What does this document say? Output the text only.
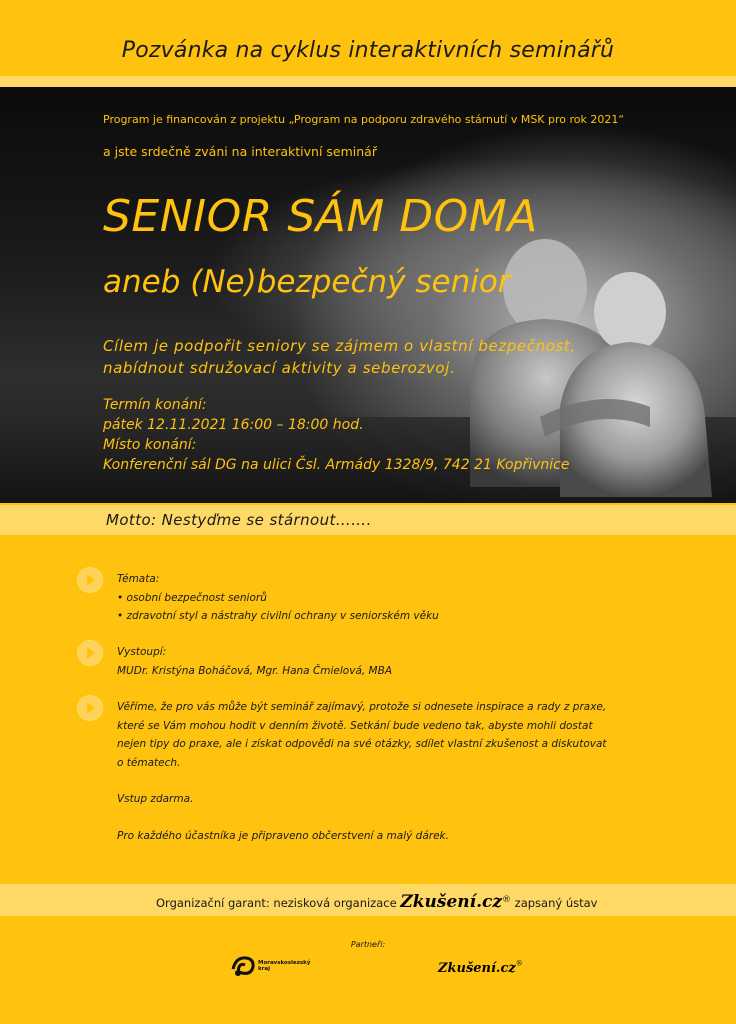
Pozvánka na cyklus interaktivních seminářů
Program je financován z projektu „Program na podporu zdravého stárnutí v MSK pro rok 2021“
a jste srdečně zváni na interaktivní seminář
SENIOR SÁM DOMA
aneb (Ne)bezpečný senior
Cílem je podpořit seniory se zájmem o vlastní bezpečnost,
nabídnout sdružovací aktivity a seberozvoj.
Termín konání:
pátek 12.11.2021 16:00 – 18:00 hod.
Místo konání:
Konferenční sál DG na ulici Čsl. Armády 1328/9, 742 21 Kopřivnice
Motto: Nestyďme se stárnout…….
Témata:
• osobní bezpečnost seniorů
• zdravotní styl a nástrahy civilní ochrany v seniorském věku
Vystoupí:
MUDr. Kristýna Boháčová, Mgr. Hana Čmielová, MBA
Věříme, že pro vás může být seminář zajímavý, protože si odnesete inspirace a rady z praxe,
které se Vám mohou hodit v denním životě. Setkání bude vedeno tak, abyste mohli dostat
nejen tipy do praxe, ale i získat odpovědi na své otázky, sdílet vlastní zkušenost a diskutovat
o tématech.
Vstup zdarma.
Pro každého účastníka je připraveno občerstvení a malý dárek.
Organizační garant: nezisková organizace Zkušení.cz® zapsaný ústav
Partneři:
Moravskoslezský kraj	Zkušení.cz®
